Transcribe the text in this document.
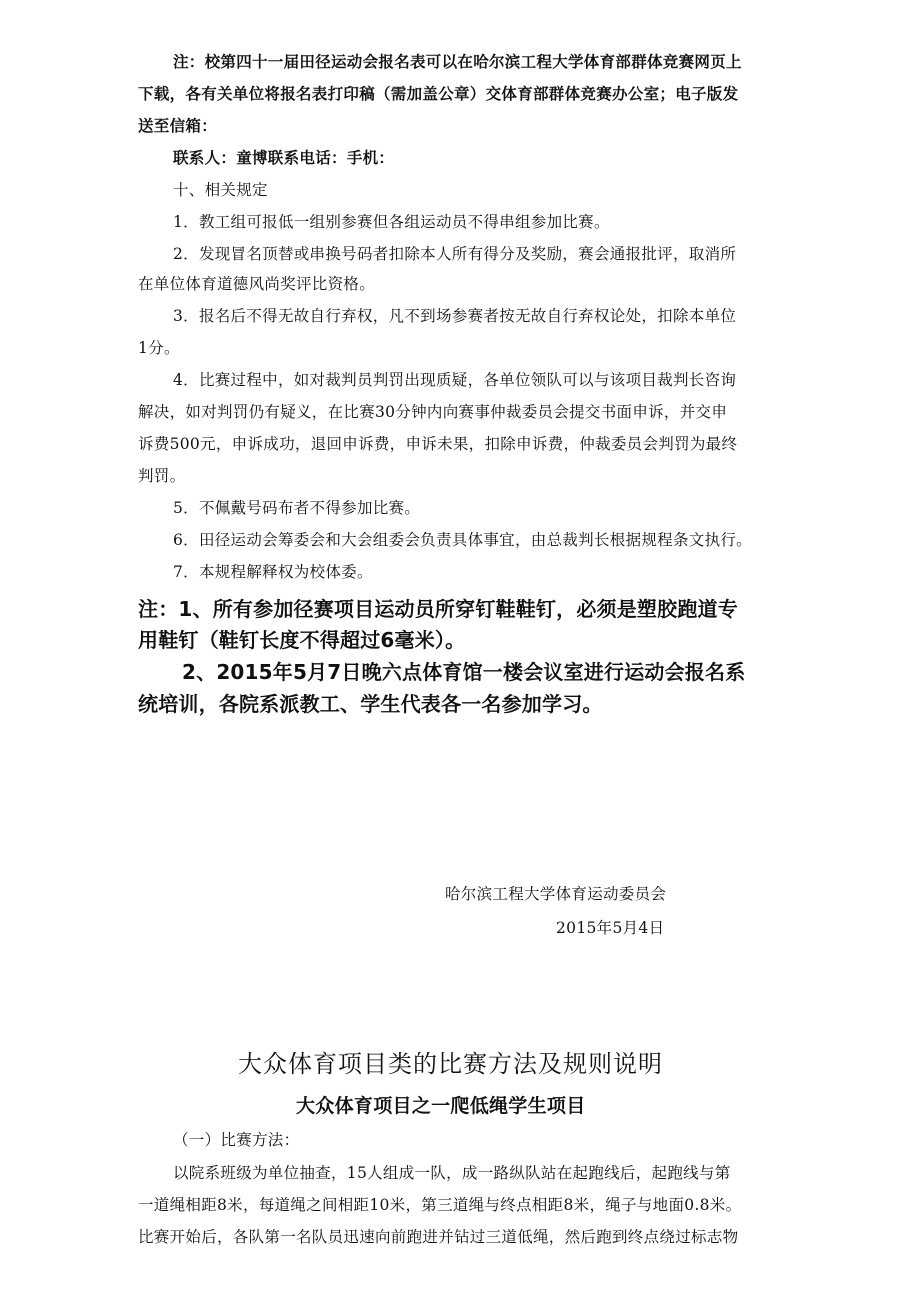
注：校第四十一届田径运动会报名表可以在哈尔滨工程大学体育部群体竞赛网页上
下载，各有关单位将报名表打印稿（需加盖公章）交体育部群体竞赛办公室；电子版发
送至信箱：
联系人：童博联系电话：手机：
十、相关规定
1．教工组可报低一组别参赛但各组运动员不得串组参加比赛。
2．发现冒名顶替或串换号码者扣除本人所有得分及奖励，赛会通报批评，取消所
在单位体育道德风尚奖评比资格。
3．报名后不得无故自行弃权，凡不到场参赛者按无故自行弃权论处，扣除本单位
1分。
4．比赛过程中，如对裁判员判罚出现质疑，各单位领队可以与该项目裁判长咨询
解决，如对判罚仍有疑义，在比赛30分钟内向赛事仲裁委员会提交书面申诉，并交申
诉费500元，申诉成功，退回申诉费，申诉未果，扣除申诉费，仲裁委员会判罚为最终
判罚。
5．不佩戴号码布者不得参加比赛。
6．田径运动会筹委会和大会组委会负责具体事宜，由总裁判长根据规程条文执行。
7．本规程解释权为校体委。
注：1、所有参加径赛项目运动员所穿钉鞋鞋钉，必须是塑胶跑道专
用鞋钉（鞋钉长度不得超过6毫米）。
2、2015年5月7日晚六点体育馆一楼会议室进行运动会报名系
统培训，各院系派教工、学生代表各一名参加学习。
哈尔滨工程大学体育运动委员会
2015年5月4日
大众体育项目类的比赛方法及规则说明
大众体育项目之一爬低绳学生项目
（一）比赛方法：
以院系班级为单位抽查，15人组成一队，成一路纵队站在起跑线后，起跑线与第
一道绳相距8米，每道绳之间相距10米，第三道绳与终点相距8米，绳子与地面0.8米。
比赛开始后，各队第一名队员迅速向前跑进并钻过三道低绳，然后跑到终点绕过标志物
